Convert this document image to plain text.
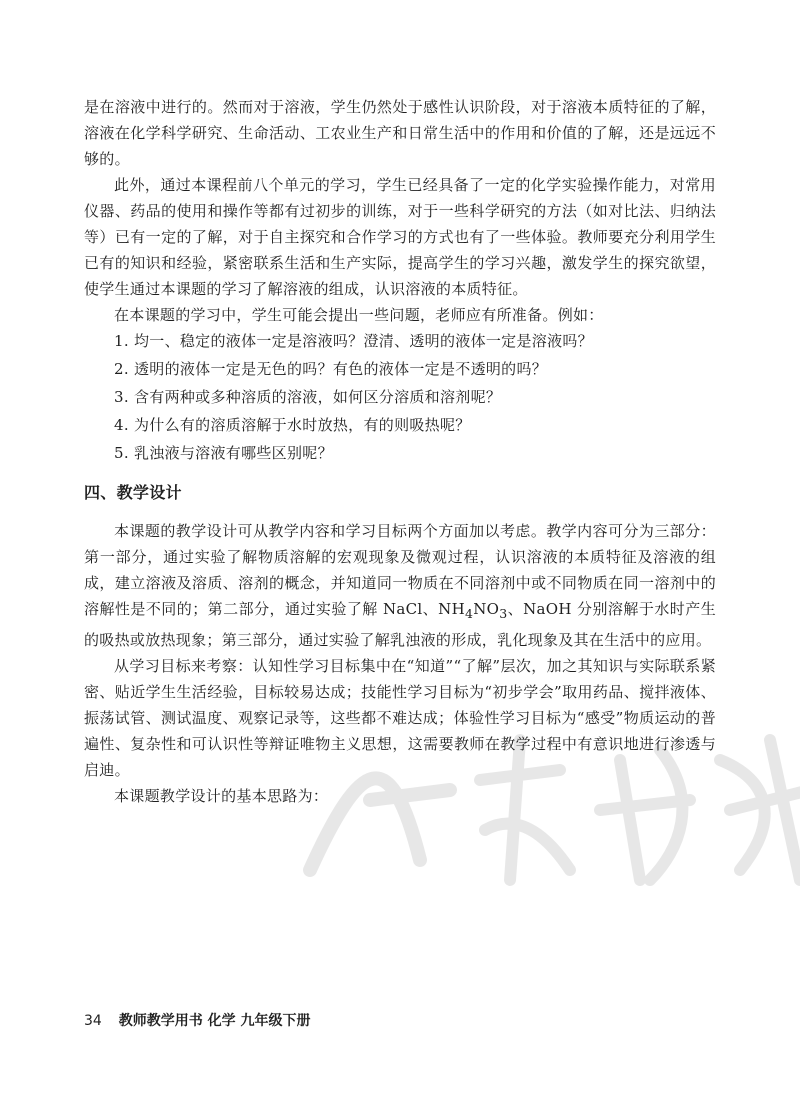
是在溶液中进行的。然而对于溶液，学生仍然处于感性认识阶段，对于溶液本质特征的了解，溶液在化学科学研究、生命活动、工农业生产和日常生活中的作用和价值的了解，还是远远不够的。

此外，通过本课程前八个单元的学习，学生已经具备了一定的化学实验操作能力，对常用仪器、药品的使用和操作等都有过初步的训练，对于一些科学研究的方法（如对比法、归纳法等）已有一定的了解，对于自主探究和合作学习的方式也有了一些体验。教师要充分利用学生已有的知识和经验，紧密联系生活和生产实际，提高学生的学习兴趣，激发学生的探究欲望，使学生通过本课题的学习了解溶液的组成，认识溶液的本质特征。

在本课题的学习中，学生可能会提出一些问题，老师应有所准备。例如：

1. 均一、稳定的液体一定是溶液吗？澄清、透明的液体一定是溶液吗？
2. 透明的液体一定是无色的吗？有色的液体一定是不透明的吗？
3. 含有两种或多种溶质的溶液，如何区分溶质和溶剂呢？
4. 为什么有的溶质溶解于水时放热，有的则吸热呢？
5. 乳浊液与溶液有哪些区别呢？
四、教学设计

本课题的教学设计可从教学内容和学习目标两个方面加以考虑。教学内容可分为三部分：第一部分，通过实验了解物质溶解的宏观现象及微观过程，认识溶液的本质特征及溶液的组成，建立溶液及溶质、溶剂的概念，并知道同一物质在不同溶剂中或不同物质在同一溶剂中的溶解性是不同的；第二部分，通过实验了解 NaCl、$NH_4NO_3$、NaOH 分别溶解于水时产生的吸热或放热现象；第三部分，通过实验了解乳浊液的形成，乳化现象及其在生活中的应用。

从学习目标来考察：认知性学习目标集中在“知道”“了解”层次，加之其知识与实际联系紧密、贴近学生生活经验，目标较易达成；技能性学习目标为“初步学会”取用药品、搅拌液体、振荡试管、测试温度、观察记录等，这些都不难达成；体验性学习目标为“感受”物质运动的普遍性、复杂性和可认识性等辩证唯物主义思想，这需要教师在教学过程中有意识地进行渗透与启迪。

本课题教学设计的基本思路为：

34 教师教学用书 化学 九年级下册
